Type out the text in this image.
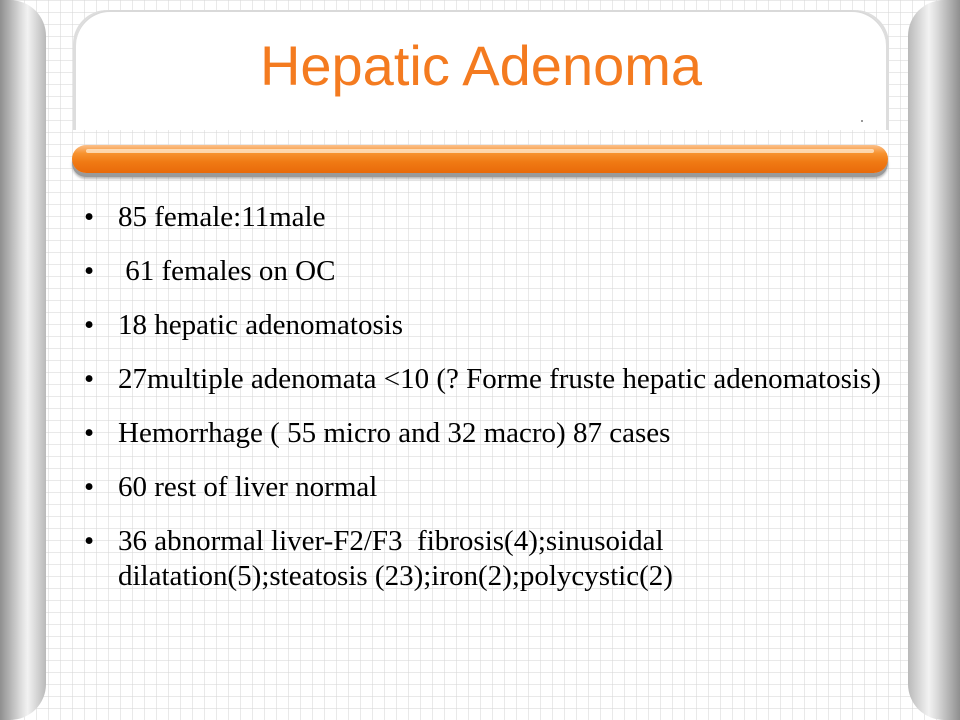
Hepatic Adenoma
• 85 female:11male
•  61 females on OC
• 18 hepatic adenomatosis
• 27multiple adenomata <10 (? Forme fruste hepatic adenomatosis)
• Hemorrhage ( 55 micro and 32 macro) 87 cases
• 60 rest of liver normal
• 36 abnormal liver-F2/F3  fibrosis(4);sinusoidal dilatation(5);steatosis (23);iron(2);polycystic(2)
